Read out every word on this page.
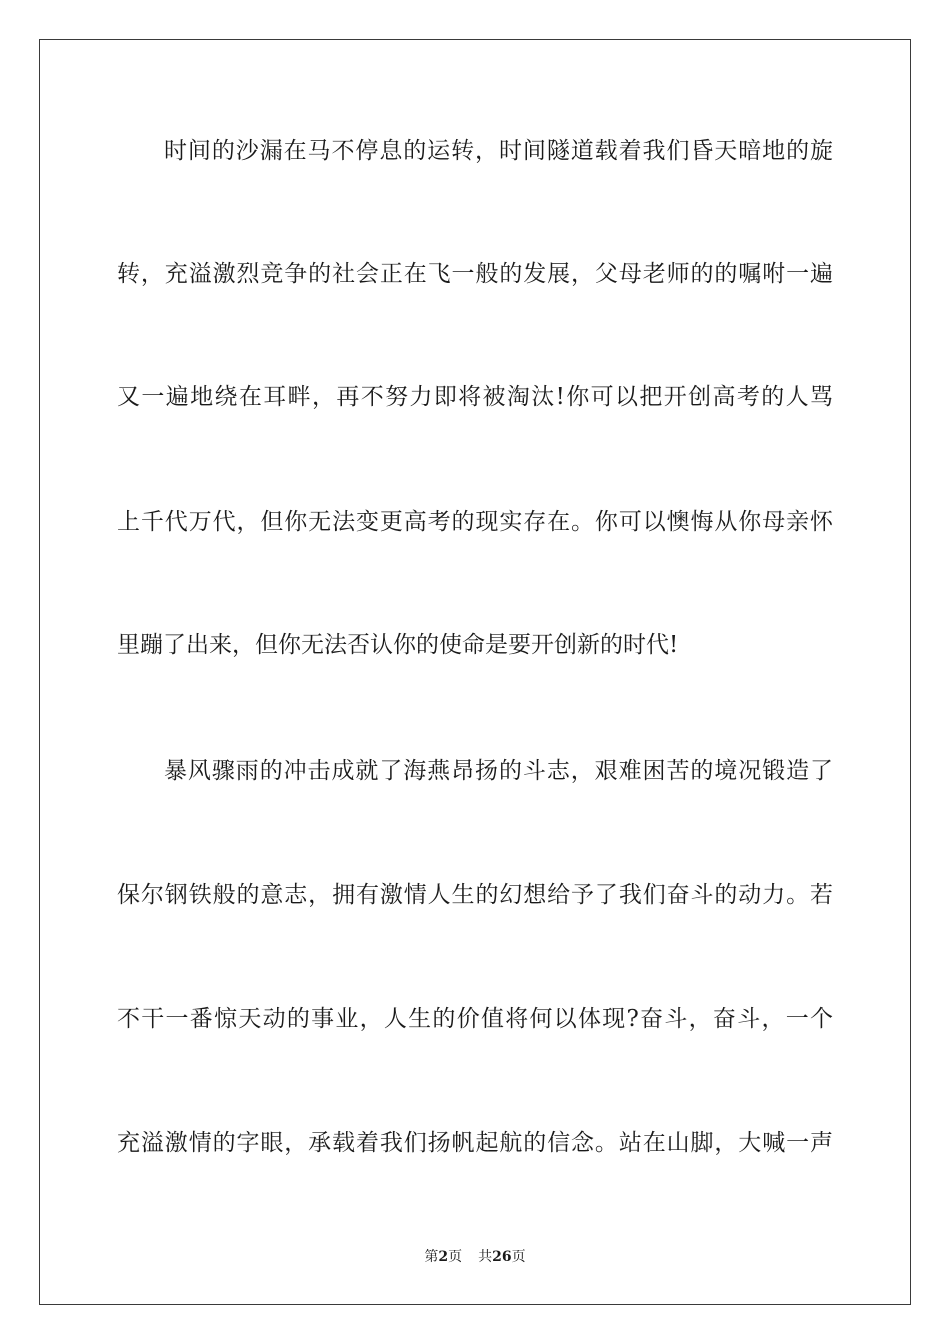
时间的沙漏在马不停息的运转，时间隧道载着我们昏天暗地的旋

转，充溢激烈竞争的社会正在飞一般的发展，父母老师的的嘱咐一遍

又一遍地绕在耳畔，再不努力即将被淘汰!你可以把开创高考的人骂

上千代万代，但你无法变更高考的现实存在。你可以懊悔从你母亲怀

里蹦了出来，但你无法否认你的使命是要开创新的时代!

暴风骤雨的冲击成就了海燕昂扬的斗志，艰难困苦的境况锻造了

保尔钢铁般的意志，拥有激情人生的幻想给予了我们奋斗的动力。若

不干一番惊天动的事业，人生的价值将何以体现?奋斗，奋斗，一个

充溢激情的字眼，承载着我们扬帆起航的信念。站在山脚，大喊一声

第2页 共26页
